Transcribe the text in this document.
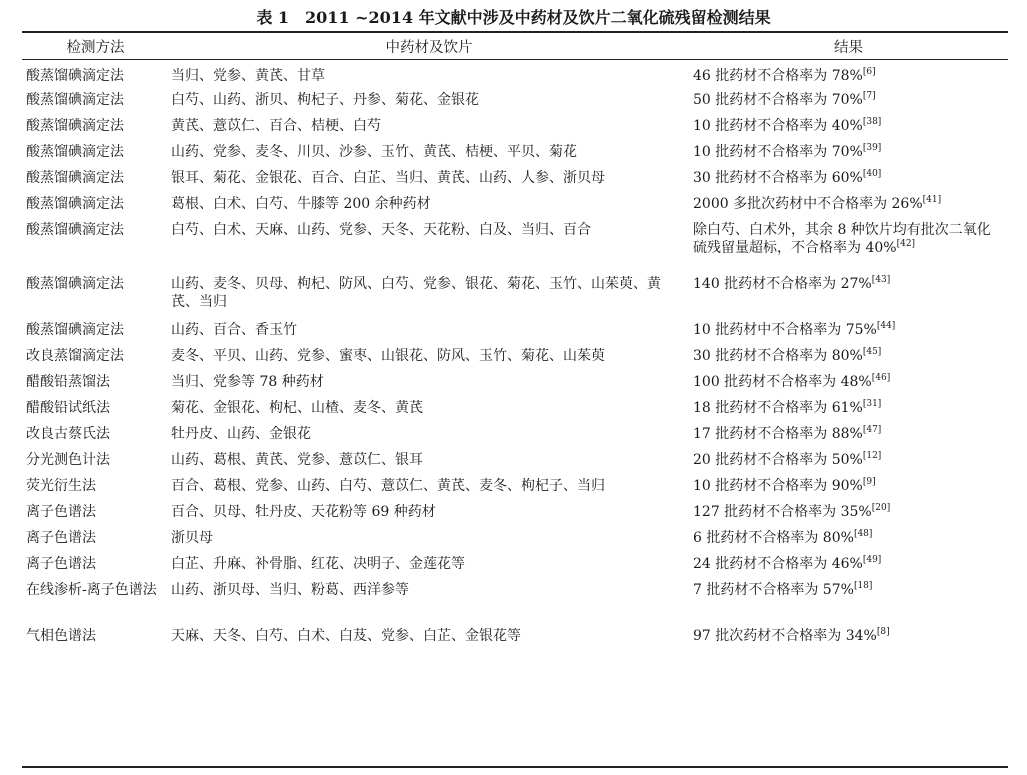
表 1　2011 ~2014 年文献中涉及中药材及饮片二氧化硫残留检测结果
检测方法	中药材及饮片	结果
酸蒸馏碘滴定法	当归、党参、黄芪、甘草	46 批药材不合格率为 78%[6]
酸蒸馏碘滴定法	白芍、山药、浙贝、枸杞子、丹参、菊花、金银花	50 批药材不合格率为 70%[7]
酸蒸馏碘滴定法	黄芪、薏苡仁、百合、桔梗、白芍	10 批药材不合格率为 40%[38]
酸蒸馏碘滴定法	山药、党参、麦冬、川贝、沙参、玉竹、黄芪、桔梗、平贝、菊花	10 批药材不合格率为 70%[39]
酸蒸馏碘滴定法	银耳、菊花、金银花、百合、白芷、当归、黄芪、山药、人参、浙贝母	30 批药材不合格率为 60%[40]
酸蒸馏碘滴定法	葛根、白术、白芍、牛膝等 200 余种药材	2000 多批次药材中不合格率为 26%[41]
酸蒸馏碘滴定法	白芍、白术、天麻、山药、党参、天冬、天花粉、白及、当归、百合	除白芍、白术外，其余 8 种饮片均有批次二氧化硫残留量超标，不合格率为 40%[42]
酸蒸馏碘滴定法	山药、麦冬、贝母、枸杞、防风、白芍、党参、银花、菊花、玉竹、山茱萸、黄芪、当归	140 批药材不合格率为 27%[43]
酸蒸馏碘滴定法	山药、百合、香玉竹	10 批药材中不合格率为 75%[44]
改良蒸馏滴定法	麦冬、平贝、山药、党参、蜜枣、山银花、防风、玉竹、菊花、山茱萸	30 批药材不合格率为 80%[45]
醋酸铅蒸馏法	当归、党参等 78 种药材	100 批药材不合格率为 48%[46]
醋酸铅试纸法	菊花、金银花、枸杞、山楂、麦冬、黄芪	18 批药材不合格率为 61%[31]
改良古蔡氏法	牡丹皮、山药、金银花	17 批药材不合格率为 88%[47]
分光测色计法	山药、葛根、黄芪、党参、薏苡仁、银耳	20 批药材不合格率为 50%[12]
荧光衍生法	百合、葛根、党参、山药、白芍、薏苡仁、黄芪、麦冬、枸杞子、当归	10 批药材不合格率为 90%[9]
离子色谱法	百合、贝母、牡丹皮、天花粉等 69 种药材	127 批药材不合格率为 35%[20]
离子色谱法	浙贝母	6 批药材不合格率为 80%[48]
离子色谱法	白芷、升麻、补骨脂、红花、决明子、金莲花等	24 批药材不合格率为 46%[49]
在线渗析-离子色谱法	山药、浙贝母、当归、粉葛、西洋参等	7 批药材不合格率为 57%[18]
气相色谱法	天麻、天冬、白芍、白术、白芨、党参、白芷、金银花等	97 批次药材不合格率为 34%[8]
